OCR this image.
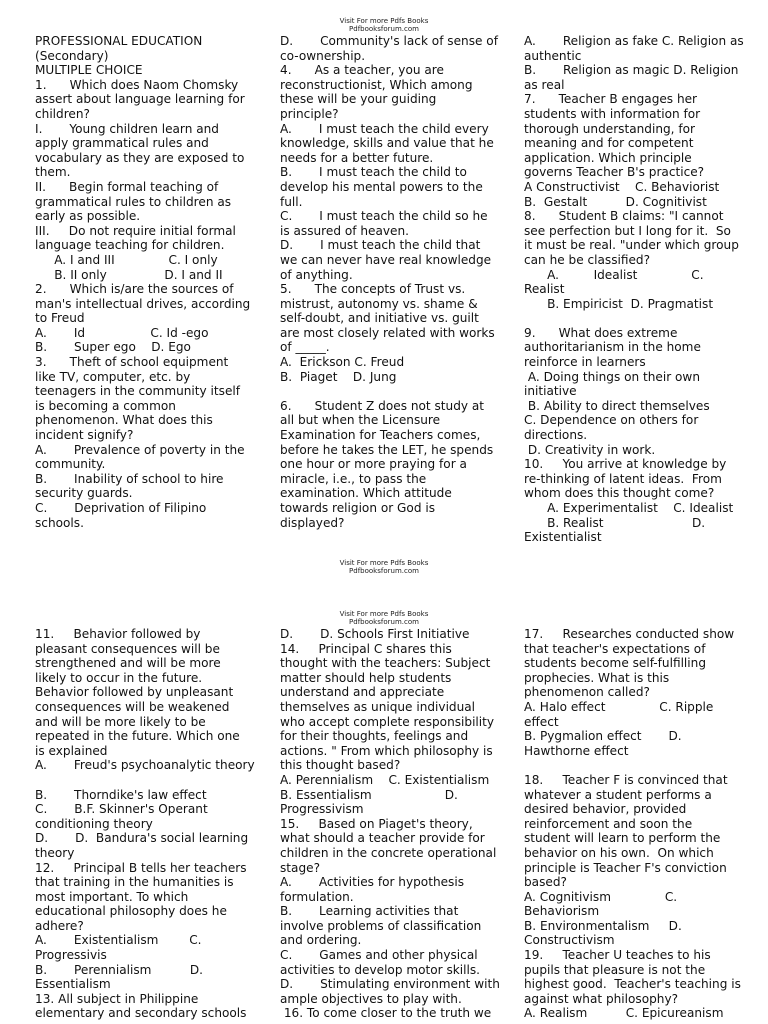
Visit For more Pdfs Books
Pdfbooksforum.com
PROFESSIONAL EDUCATION
(Secondary)
MULTIPLE CHOICE
1.      Which does Naom Chomsky
assert about language learning for
children?
I.       Young children learn and
apply grammatical rules and
vocabulary as they are exposed to
them.
II.      Begin formal teaching of
grammatical rules to children as
early as possible.
III.     Do not require initial formal
language teaching for children.
A. I and III              C. I only
B. II only               D. I and II
2.      Which is/are the sources of
man's intellectual drives, according
to Freud
A.       Id                 C. Id -ego
B.       Super ego    D. Ego
3.      Theft of school equipment
like TV, computer, etc. by
teenagers in the community itself
is becoming a common
phenomenon. What does this
incident signify?
A.       Prevalence of poverty in the
community.
B.       Inability of school to hire
security guards.
C.       Deprivation of Filipino
schools.
D.       Community's lack of sense of
co-ownership.
4.      As a teacher, you are
reconstructionist, Which among
these will be your guiding
principle?
A.       I must teach the child every
knowledge, skills and value that he
needs for a better future.
B.       I must teach the child to
develop his mental powers to the
full.
C.       I must teach the child so he
is assured of heaven.
D.       I must teach the child that
we can never have real knowledge
of anything.
5.      The concepts of Trust vs.
mistrust, autonomy vs. shame &
self-doubt, and initiative vs. guilt
are most closely related with works
of _____.
A.  Erickson C. Freud
B.  Piaget    D. Jung
6.      Student Z does not study at
all but when the Licensure
Examination for Teachers comes,
before he takes the LET, he spends
one hour or more praying for a
miracle, i.e., to pass the
examination. Which attitude
towards religion or God is
displayed?
A.       Religion as fake C. Religion as
authentic
B.       Religion as magic D. Religion
as real
7.      Teacher B engages her
students with information for
thorough understanding, for
meaning and for competent
application. Which principle
governs Teacher B's practice?
A Constructivist    C. Behaviorist
B.  Gestalt          D. Cognitivist
8.      Student B claims: "I cannot
see perfection but I long for it.  So
it must be real. "under which group
can he be classified?
A.         Idealist              C.
Realist
B. Empiricist  D. Pragmatist
9.      What does extreme
authoritarianism in the home
reinforce in learners
A. Doing things on their own
initiative
B. Ability to direct themselves
C. Dependence on others for
directions.
D. Creativity in work.
10.     You arrive at knowledge by
re-thinking of latent ideas.  From
whom does this thought come?
A. Experimentalist    C. Idealist
B. Realist                       D.
Existentialist
Visit For more Pdfs Books
Pdfbooksforum.com
Visit For more Pdfs Books
Pdfbooksforum.com
11.     Behavior followed by
pleasant consequences will be
strengthened and will be more
likely to occur in the future.
Behavior followed by unpleasant
consequences will be weakened
and will be more likely to be
repeated in the future. Which one
is explained
A.       Freud's psychoanalytic theory
B.       Thorndike's law effect
C.       B.F. Skinner's Operant
conditioning theory
D.       D.  Bandura's social learning
theory
12.     Principal B tells her teachers
that training in the humanities is
most important. To which
educational philosophy does he
adhere?
A.       Existentialism        C.
Progressivis
B.       Perennialism          D.
Essentialism
13. All subject in Philippine
elementary and secondary schools
D.       D. Schools First Initiative
14.     Principal C shares this
thought with the teachers: Subject
matter should help students
understand and appreciate
themselves as unique individual
who accept complete responsibility
for their thoughts, feelings and
actions. " From which philosophy is
this thought based?
A. Perennialism    C. Existentialism
B. Essentialism                   D.
Progressivism
15.     Based on Piaget's theory,
what should a teacher provide for
children in the concrete operational
stage?
A.       Activities for hypothesis
formulation.
B.       Learning activities that
involve problems of classification
and ordering.
C.       Games and other physical
activities to develop motor skills.
D.       Stimulating environment with
ample objectives to play with.
16. To come closer to the truth we
17.     Researches conducted show
that teacher's expectations of
students become self-fulfilling
prophecies. What is this
phenomenon called?
A. Halo effect              C. Ripple
effect
B. Pygmalion effect       D.
Hawthorne effect
18.     Teacher F is convinced that
whatever a student performs a
desired behavior, provided
reinforcement and soon the
student will learn to perform the
behavior on his own.  On which
principle is Teacher F's conviction
based?
A. Cognitivism              C.
Behaviorism
B. Environmentalism     D.
Constructivism
19.     Teacher U teaches to his
pupils that pleasure is not the
highest good.  Teacher's teaching is
against what philosophy?
A. Realism          C. Epicureanism
